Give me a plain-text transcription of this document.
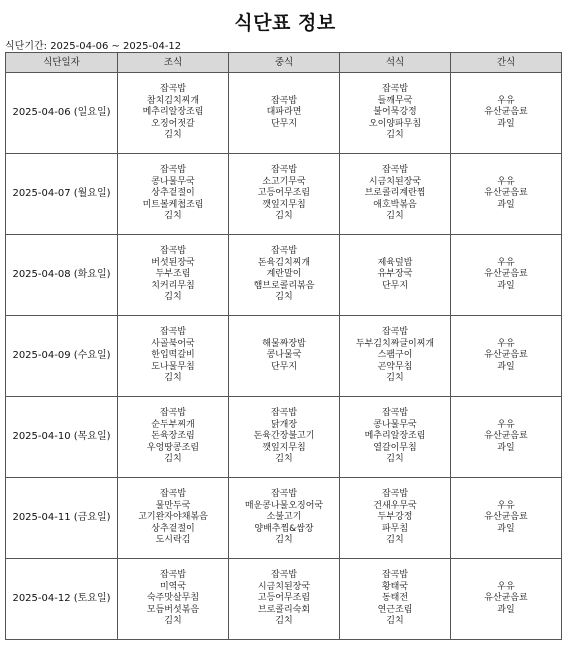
식단표 정보
식단기간: 2025-04-06 ~ 2025-04-12
식단일자	조식	중식	석식	간식
2025-04-06 (일요일)	잡곡밥
참치김치찌개
메추리알장조림
오징어젓갈
김치	잡곡밥
대파라면
단무지	잡곡밥
들깨무국
불어묵강정
오이양파무침
김치	우유
유산균음료
과일

2025-04-07 (월요일)	잡곡밥
콩나물무국
상추겉절이
미트볼케첩조림
김치	잡곡밥
소고기무국
고등어무조림
깻잎지무침
김치	잡곡밥
시금치된장국
브로콜리계란찜
애호박볶음
김치	우유
유산균음료
과일

2025-04-08 (화요일)	잡곡밥
버섯된장국
두부조림
치커리무침
김치	잡곡밥
돈육김치찌개
계란말이
햄브로콜리볶음
김치	제육덮밥
유부장국
단무지	우유
유산균음료
과일

2025-04-09 (수요일)	잡곡밥
사골북어국
한입떡갈비
도나물무침
김치	해물짜장밥
콩나물국
단무지	잡곡밥
두부김치짜글이찌개
스팸구이
곤약무침
김치	우유
유산균음료
과일

2025-04-10 (목요일)	잡곡밥
순두부찌개
돈육장조림
우엉땅콩조림
김치	잡곡밥
닭개장
돈육간장불고기
깻잎지무침
김치	잡곡밥
콩나물무국
메추리알장조림
열갈이무침
김치	우유
유산균음료
과일

2025-04-11 (금요일)	잡곡밥
물만두국
고기완자야채볶음
상추겉절이
도시락김	잡곡밥
매운콩나물오징어국
소불고기
양배추찜&쌈장
김치	잡곡밥
건새우무국
두부강정
파무침
김치	우유
유산균음료
과일

2025-04-12 (토요일)	잡곡밥
미역국
숙주맛살무침
모듬버섯볶음
김치	잡곡밥
시금치된장국
고등어무조림
브로콜리숙회
김치	잡곡밥
황태국
동태전
연근조림
김치	우유
유산균음료
과일
